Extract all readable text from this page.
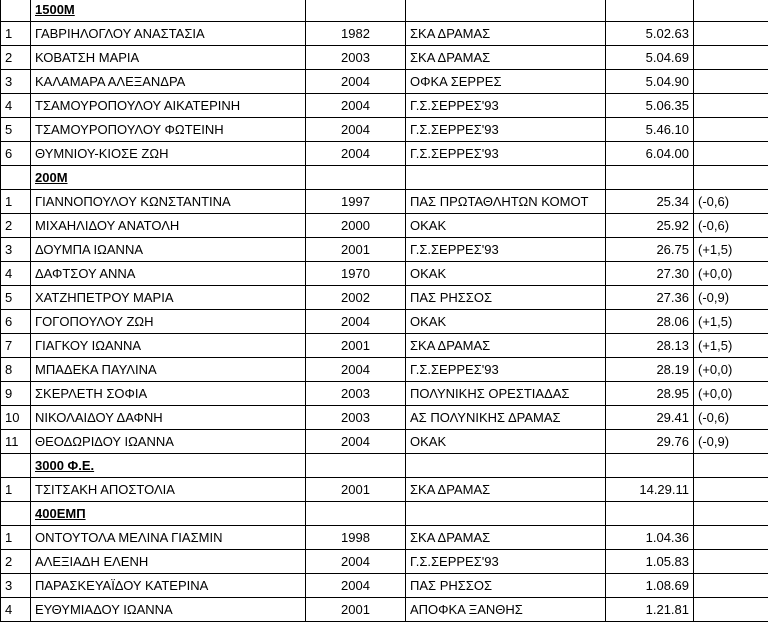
	1500Μ				
1	ΓΑΒΡΙΗΛΟΓΛΟΥ ΑΝΑΣΤΑΣΙΑ	1982	ΣΚΑ ΔΡΑΜΑΣ	5.02.63	
2	ΚΟΒΑΤΣΗ ΜΑΡΙΑ	2003	ΣΚΑ ΔΡΑΜΑΣ	5.04.69	
3	ΚΑΛΑΜΑΡΑ ΑΛΕΞΑΝΔΡΑ	2004	ΟΦΚΑ ΣΕΡΡΕΣ	5.04.90	
4	ΤΣΑΜΟΥΡΟΠΟΥΛΟΥ ΑΙΚΑΤΕΡΙΝΗ	2004	Γ.Σ.ΣΕΡΡΕΣ'93	5.06.35	
5	ΤΣΑΜΟΥΡΟΠΟΥΛΟΥ ΦΩΤΕΙΝΗ	2004	Γ.Σ.ΣΕΡΡΕΣ'93	5.46.10	
6	ΘΥΜΝΙΟΥ-ΚΙΟΣΕ ΖΩΗ	2004	Γ.Σ.ΣΕΡΡΕΣ'93	6.04.00	
	200Μ				
1	ΓΙΑΝΝΟΠΟΥΛΟΥ ΚΩΝΣΤΑΝΤΙΝΑ	1997	ΠΑΣ ΠΡΩΤΑΘΛΗΤΩΝ ΚΟΜΟΤ	25.34	(-0,6)
2	ΜΙΧΑΗΛΙΔΟΥ ΑΝΑΤΟΛΗ	2000	ΟΚΑΚ	25.92	(-0,6)
3	ΔΟΥΜΠΑ ΙΩΑΝΝΑ	2001	Γ.Σ.ΣΕΡΡΕΣ'93	26.75	(+1,5)
4	ΔΑΦΤΣΟΥ ΑΝΝΑ	1970	ΟΚΑΚ	27.30	(+0,0)
5	ΧΑΤΖΗΠΕΤΡΟΥ ΜΑΡΙΑ	2002	ΠΑΣ ΡΗΣΣΟΣ	27.36	(-0,9)
6	ΓΟΓΟΠΟΥΛΟΥ ΖΩΗ	2004	ΟΚΑΚ	28.06	(+1,5)
7	ΓΙΑΓΚΟΥ ΙΩΑΝΝΑ	2001	ΣΚΑ ΔΡΑΜΑΣ	28.13	(+1,5)
8	ΜΠΑΔΕΚΑ ΠΑΥΛΙΝΑ	2004	Γ.Σ.ΣΕΡΡΕΣ'93	28.19	(+0,0)
9	ΣΚΕΡΛΕΤΗ ΣΟΦΙΑ	2003	ΠΟΛΥΝΙΚΗΣ ΟΡΕΣΤΙΑΔΑΣ	28.95	(+0,0)
10	ΝΙΚΟΛΑΙΔΟΥ ΔΑΦΝΗ	2003	ΑΣ ΠΟΛΥΝΙΚΗΣ ΔΡΑΜΑΣ	29.41	(-0,6)
11	ΘΕΟΔΩΡΙΔΟΥ ΙΩΑΝΝΑ	2004	ΟΚΑΚ	29.76	(-0,9)
	3000 Φ.Ε.				
1	ΤΣΙΤΣΑΚΗ ΑΠΟΣΤΟΛΙΑ	2001	ΣΚΑ ΔΡΑΜΑΣ	14.29.11	
	400ΕΜΠ				
1	ΟΝΤΟΥΤΟΛΑ ΜΕΛΙΝΑ ΓΙΑΣΜΙΝ	1998	ΣΚΑ ΔΡΑΜΑΣ	1.04.36	
2	ΑΛΕΞΙΑΔΗ ΕΛΕΝΗ	2004	Γ.Σ.ΣΕΡΡΕΣ'93	1.05.83	
3	ΠΑΡΑΣΚΕΥΑΪΔΟΥ ΚΑΤΕΡΙΝΑ	2004	ΠΑΣ ΡΗΣΣΟΣ	1.08.69	
4	ΕΥΘΥΜΙΑΔΟΥ ΙΩΑΝΝΑ	2001	ΑΠΟΦΚΑ ΞΑΝΘΗΣ	1.21.81	
